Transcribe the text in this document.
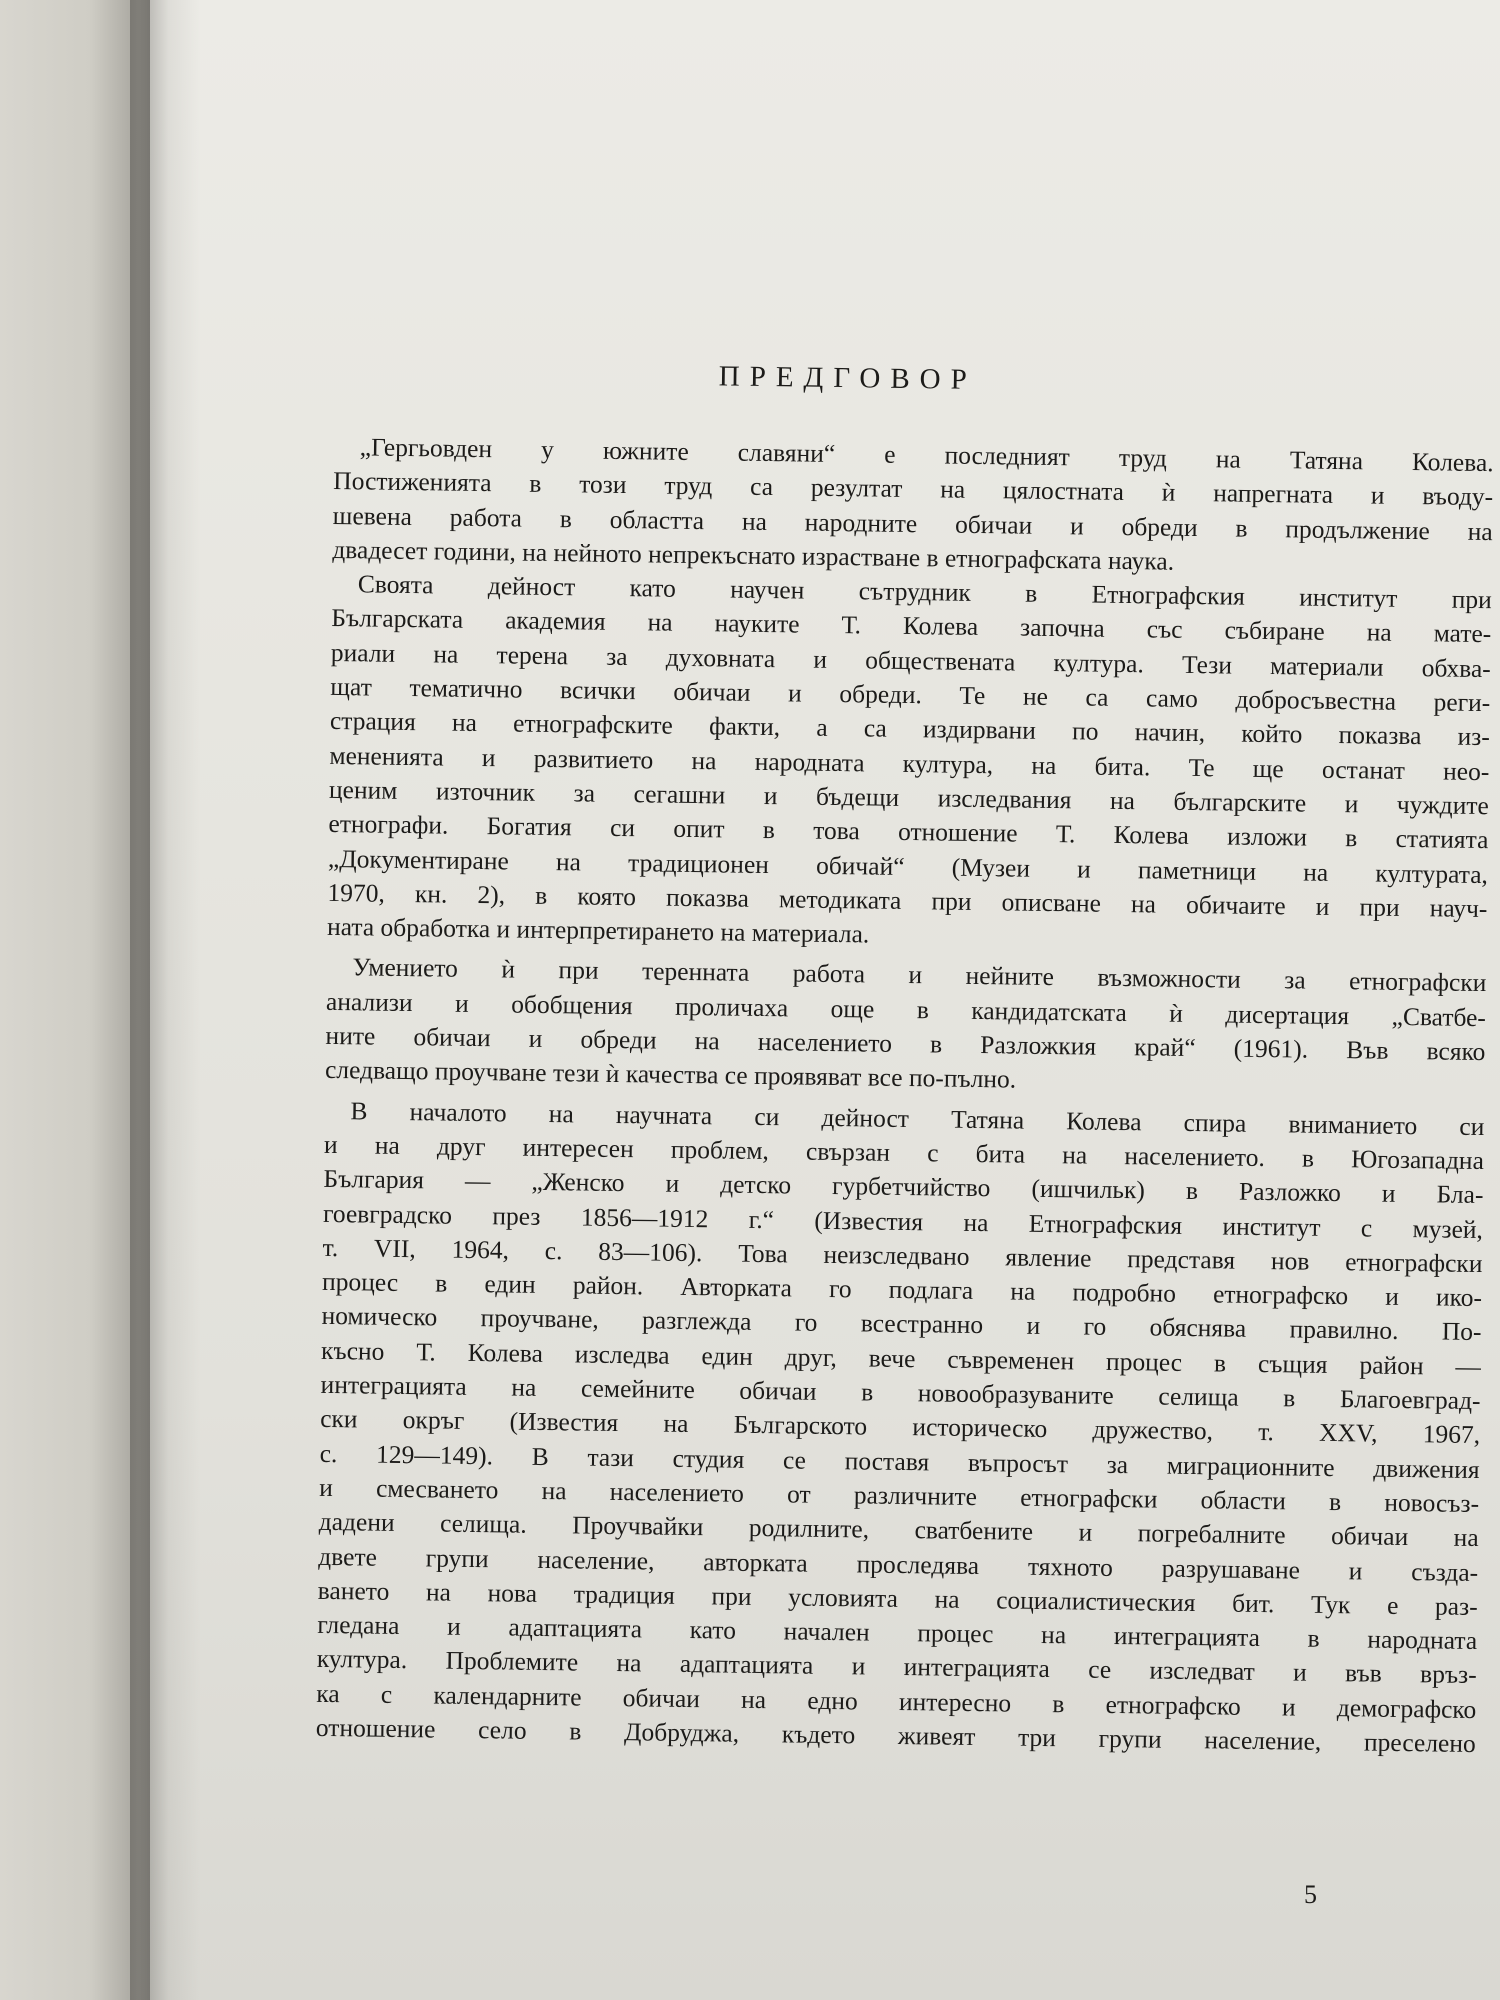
ПРЕДГОВОР
„Гергьовден у южните славяни“ е последният труд на Татяна Колева.
Постиженията в този труд са резултат на цялостната ѝ напрегната и въоду-
шевена работа в областта на народните обичаи и обреди в продължение на
двадесет години, на нейното непрекъснато израстване в етнографската наука.
Своята дейност като научен сътрудник в Етнографския институт при
Българската академия на науките Т. Колева започна със събиране на мате-
риали на терена за духовната и обществената култура. Тези материали обхва-
щат тематично всички обичаи и обреди. Те не са само добросъвестна реги-
страция на етнографските факти, а са издирвани по начин, който показва из-
мененията и развитието на народната култура, на бита. Те ще останат нео-
ценим източник за сегашни и бъдещи изследвания на българските и чуждите
етнографи. Богатия си опит в това отношение Т. Колева изложи в статията
„Документиране на традиционен обичай“ (Музеи и паметници на културата,
1970, кн. 2), в която показва методиката при описване на обичаите и при науч-
ната обработка и интерпретирането на материала.
Умението ѝ при теренната работа и нейните възможности за етнографски
анализи и обобщения проличаха още в кандидатската ѝ дисертация „Сватбе-
ните обичаи и обреди на населението в Разложкия край“ (1961). Във всяко
следващо проучване тези ѝ качества се проявяват все по-пълно.
В началото на научната си дейност Татяна Колева спира вниманието си
и на друг интересен проблем, свързан с бита на населението. в Югозападна
България — „Женско и детско гурбетчийство (ишчильк) в Разложко и Бла-
гоевградско през 1856—1912 г.“ (Известия на Етнографския институт с музей,
т. VII, 1964, с. 83—106). Това неизследвано явление представя нов етнографски
процес в един район. Авторката го подлага на подробно етнографско и ико-
номическо проучване, разглежда го всестранно и го обяснява правилно. По-
късно Т. Колева изследва един друг, вече съвременен процес в същия район —
интеграцията на семейните обичаи в новообразуваните селища в Благоевград-
ски окръг (Известия на Българското историческо дружество, т. XXV, 1967,
с. 129—149). В тази студия се поставя въпросът за миграционните движения
и смесването на населението от различните етнографски области в новосъз-
дадени селища. Проучвайки родилните, сватбените и погребалните обичаи на
двете групи население, авторката проследява тяхното разрушаване и създа-
ването на нова традиция при условията на социалистическия бит. Тук е раз-
гледана и адаптацията като начален процес на интеграцията в народната
култура. Проблемите на адаптацията и интеграцията се изследват и във връз-
ка с календарните обичаи на едно интересно в етнографско и демографско
отношение село в Добруджа, където живеят три групи население, преселено
5
